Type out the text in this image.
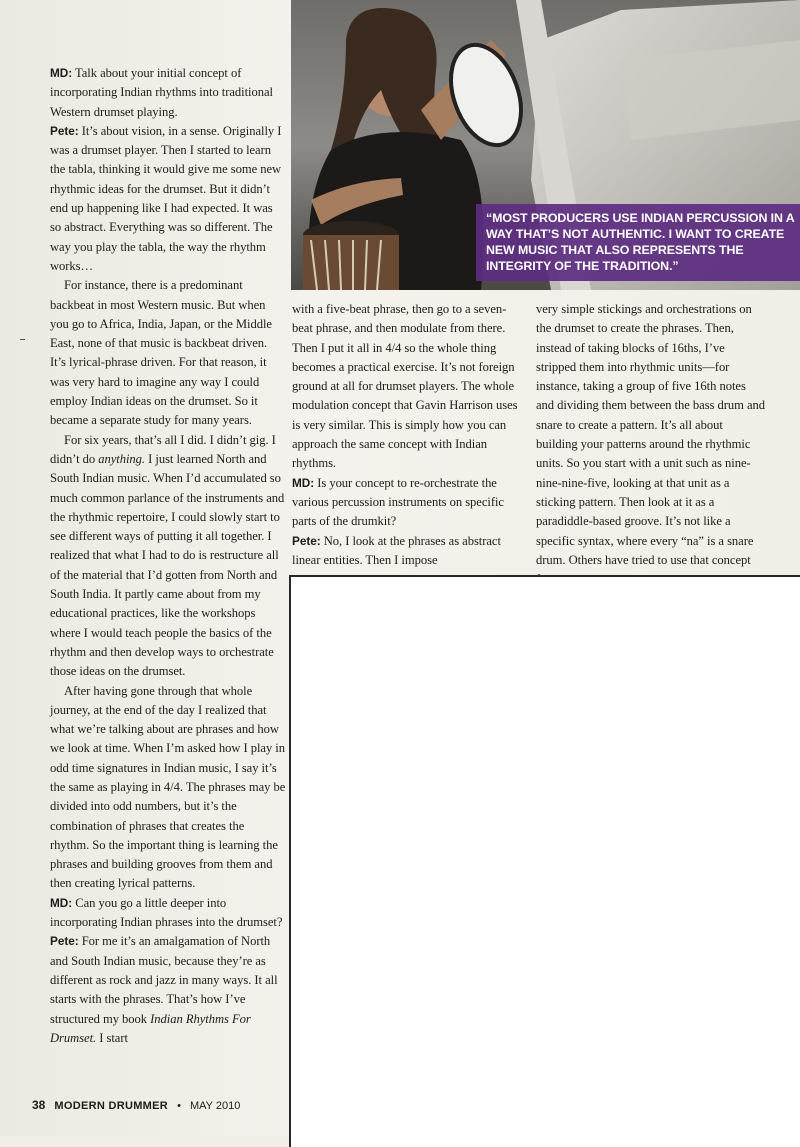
MD: Talk about your initial concept of incorporating Indian rhythms into traditional Western drumset playing.

Pete: It’s about vision, in a sense. Originally I was a drumset player. Then I started to learn the tabla, thinking it would give me some new rhythmic ideas for the drumset. But it didn’t end up happening like I had expected. It was so abstract. Everything was so different. The way you play the tabla, the way the rhythm works…

For instance, there is a predominant backbeat in most Western music. But when you go to Africa, India, Japan, or the Middle East, none of that music is backbeat driven. It’s lyrical-phrase driven. For that reason, it was very hard to imagine any way I could employ Indian ideas on the drumset. So it became a separate study for many years.

For six years, that’s all I did. I didn’t gig. I didn’t do anything. I just learned North and South Indian music. When I’d accumulated so much common parlance of the instruments and the rhythmic repertoire, I could slowly start to see different ways of putting it all together. I realized that what I had to do is restructure all of the material that I’d gotten from North and South India. It partly came about from my educational practices, like the workshops where I would teach people the basics of the rhythm and then develop ways to orchestrate those ideas on the drumset.

After having gone through that whole journey, at the end of the day I realized that what we’re talking about are phrases and how we look at time. When I’m asked how I play in odd time signatures in Indian music, I say it’s the same as playing in 4/4. The phrases may be divided into odd numbers, but it’s the combination of phrases that creates the rhythm. So the important thing is learning the phrases and building grooves from them and then creating lyrical patterns.

MD: Can you go a little deeper into incorporating Indian phrases into the drumset?

Pete: For me it’s an amalgamation of North and South Indian music, because they’re as different as rock and jazz in many ways. It all starts with the phrases. That’s how I’ve structured my book Indian Rhythms For Drumset. I start

“MOST PRODUCERS USE INDIAN PERCUSSION IN A WAY THAT’S NOT AUTHENTIC. I WANT TO CREATE NEW MUSIC THAT ALSO REPRESENTS THE INTEGRITY OF THE TRADITION.”

with a five-beat phrase, then go to a seven-beat phrase, and then modulate from there. Then I put it all in 4/4 so the whole thing becomes a practical exercise. It’s not foreign ground at all for drumset players. The whole modulation concept that Gavin Harrison uses is very similar. This is simply how you can approach the same concept with Indian rhythms.

MD: Is your concept to re-orchestrate the various percussion instruments on specific parts of the drumkit?

Pete: No, I look at the phrases as abstract linear entities. Then I impose

very simple stickings and orchestrations on the drumset to create the phrases. Then, instead of taking blocks of 16ths, I’ve stripped them into rhythmic units—for instance, taking a group of five 16th notes and dividing them between the bass drum and snare to create a pattern. It’s all about building your patterns around the rhythmic units. So you start with a unit such as nine-nine-nine-five, looking at that unit as a sticking pattern. Then look at it as a paradiddle-based groove. It’s not like a specific syntax, where every “na” is a snare drum. Others have tried to use that concept

38 MODERN DRUMMER • MAY 2010
